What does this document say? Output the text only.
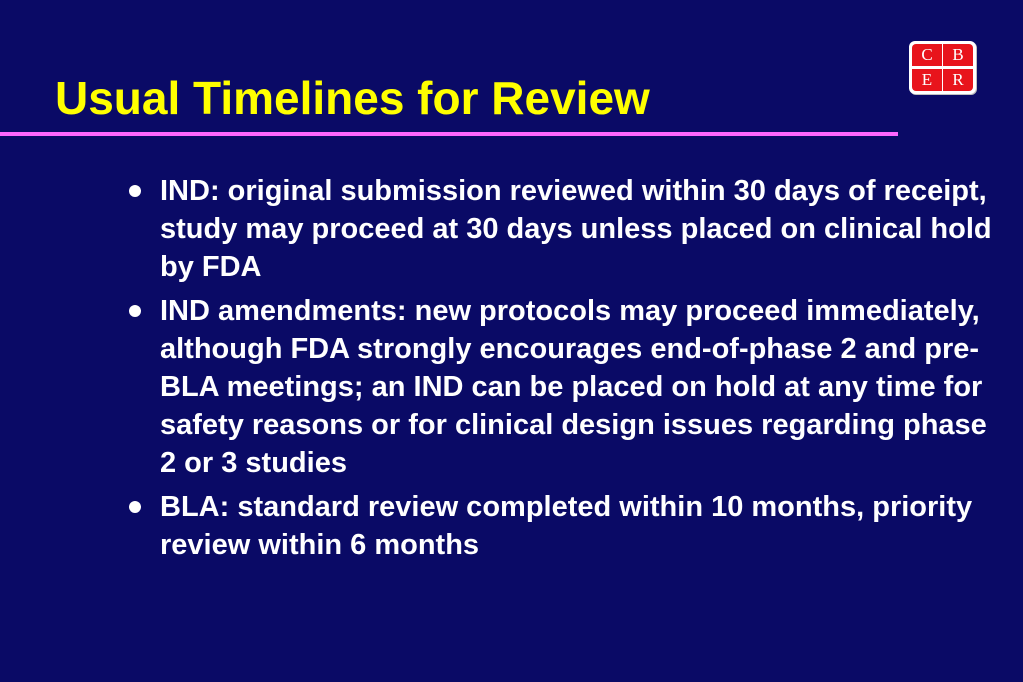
Usual Timelines for Review
C	B
E	R
IND: original submission reviewed within 30 days of receipt, study may proceed at 30 days unless placed on clinical hold by FDA
IND amendments: new protocols may proceed immediately, although FDA strongly encourages end-of-phase 2 and pre-BLA meetings; an IND can be placed on hold at any time for safety reasons or for clinical design issues regarding phase 2 or 3 studies
BLA: standard review completed within 10 months, priority review within 6 months
